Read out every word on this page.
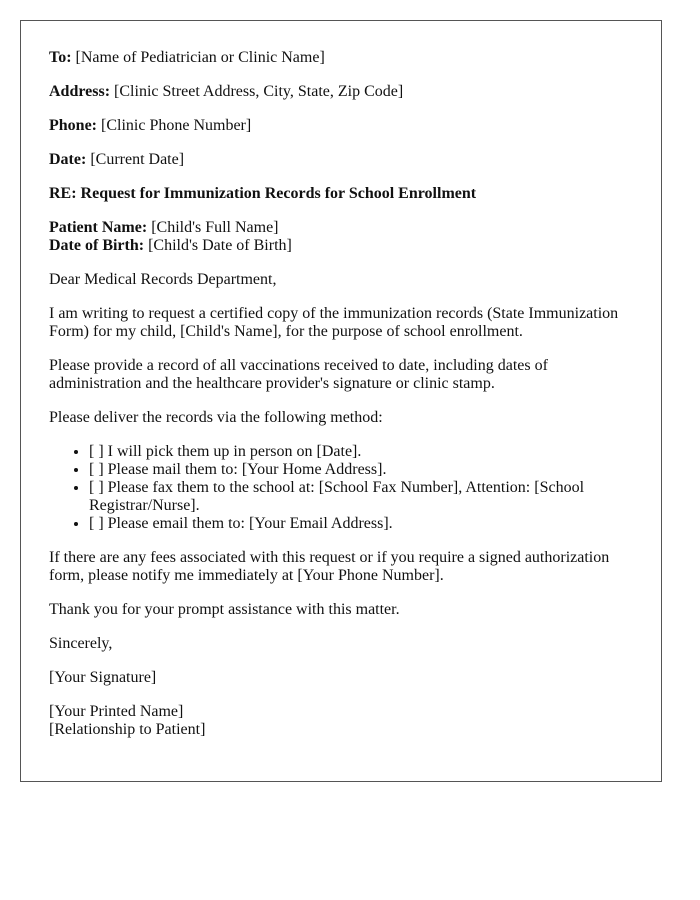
To: [Name of Pediatrician or Clinic Name]

Address: [Clinic Street Address, City, State, Zip Code]

Phone: [Clinic Phone Number]

Date: [Current Date]

RE: Request for Immunization Records for School Enrollment

Patient Name: [Child's Full Name]
Date of Birth: [Child's Date of Birth]

Dear Medical Records Department,

I am writing to request a certified copy of the immunization records (State Immunization Form) for my child, [Child's Name], for the purpose of school enrollment.

Please provide a record of all vaccinations received to date, including dates of administration and the healthcare provider's signature or clinic stamp.

Please deliver the records via the following method:

• [ ] I will pick them up in person on [Date].
• [ ] Please mail them to: [Your Home Address].
• [ ] Please fax them to the school at: [School Fax Number], Attention: [School Registrar/Nurse].
• [ ] Please email them to: [Your Email Address].

If there are any fees associated with this request or if you require a signed authorization form, please notify me immediately at [Your Phone Number].

Thank you for your prompt assistance with this matter.

Sincerely,

[Your Signature]

[Your Printed Name]
[Relationship to Patient]
